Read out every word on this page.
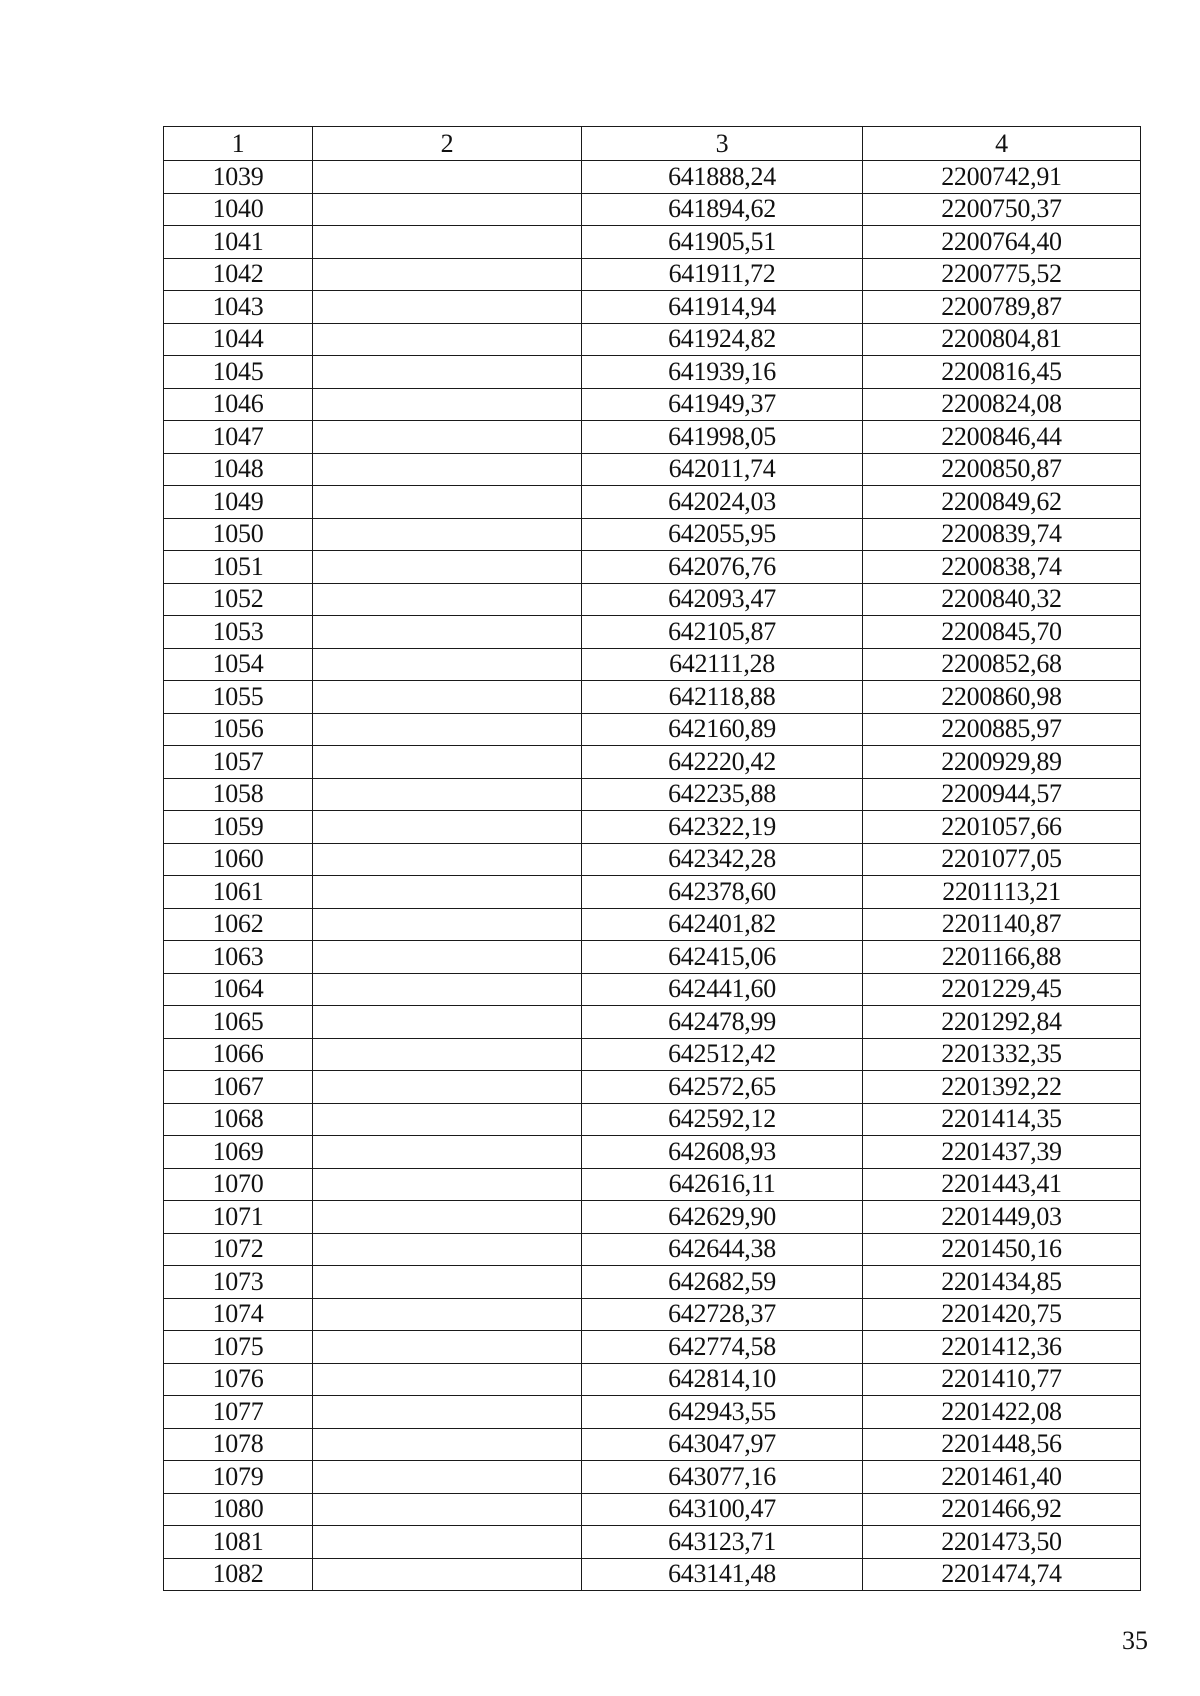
1	2	3	4
1039		641888,24	2200742,91
1040		641894,62	2200750,37
1041		641905,51	2200764,40
1042		641911,72	2200775,52
1043		641914,94	2200789,87
1044		641924,82	2200804,81
1045		641939,16	2200816,45
1046		641949,37	2200824,08
1047		641998,05	2200846,44
1048		642011,74	2200850,87
1049		642024,03	2200849,62
1050		642055,95	2200839,74
1051		642076,76	2200838,74
1052		642093,47	2200840,32
1053		642105,87	2200845,70
1054		642111,28	2200852,68
1055		642118,88	2200860,98
1056		642160,89	2200885,97
1057		642220,42	2200929,89
1058		642235,88	2200944,57
1059		642322,19	2201057,66
1060		642342,28	2201077,05
1061		642378,60	2201113,21
1062		642401,82	2201140,87
1063		642415,06	2201166,88
1064		642441,60	2201229,45
1065		642478,99	2201292,84
1066		642512,42	2201332,35
1067		642572,65	2201392,22
1068		642592,12	2201414,35
1069		642608,93	2201437,39
1070		642616,11	2201443,41
1071		642629,90	2201449,03
1072		642644,38	2201450,16
1073		642682,59	2201434,85
1074		642728,37	2201420,75
1075		642774,58	2201412,36
1076		642814,10	2201410,77
1077		642943,55	2201422,08
1078		643047,97	2201448,56
1079		643077,16	2201461,40
1080		643100,47	2201466,92
1081		643123,71	2201473,50
1082		643141,48	2201474,74
35
